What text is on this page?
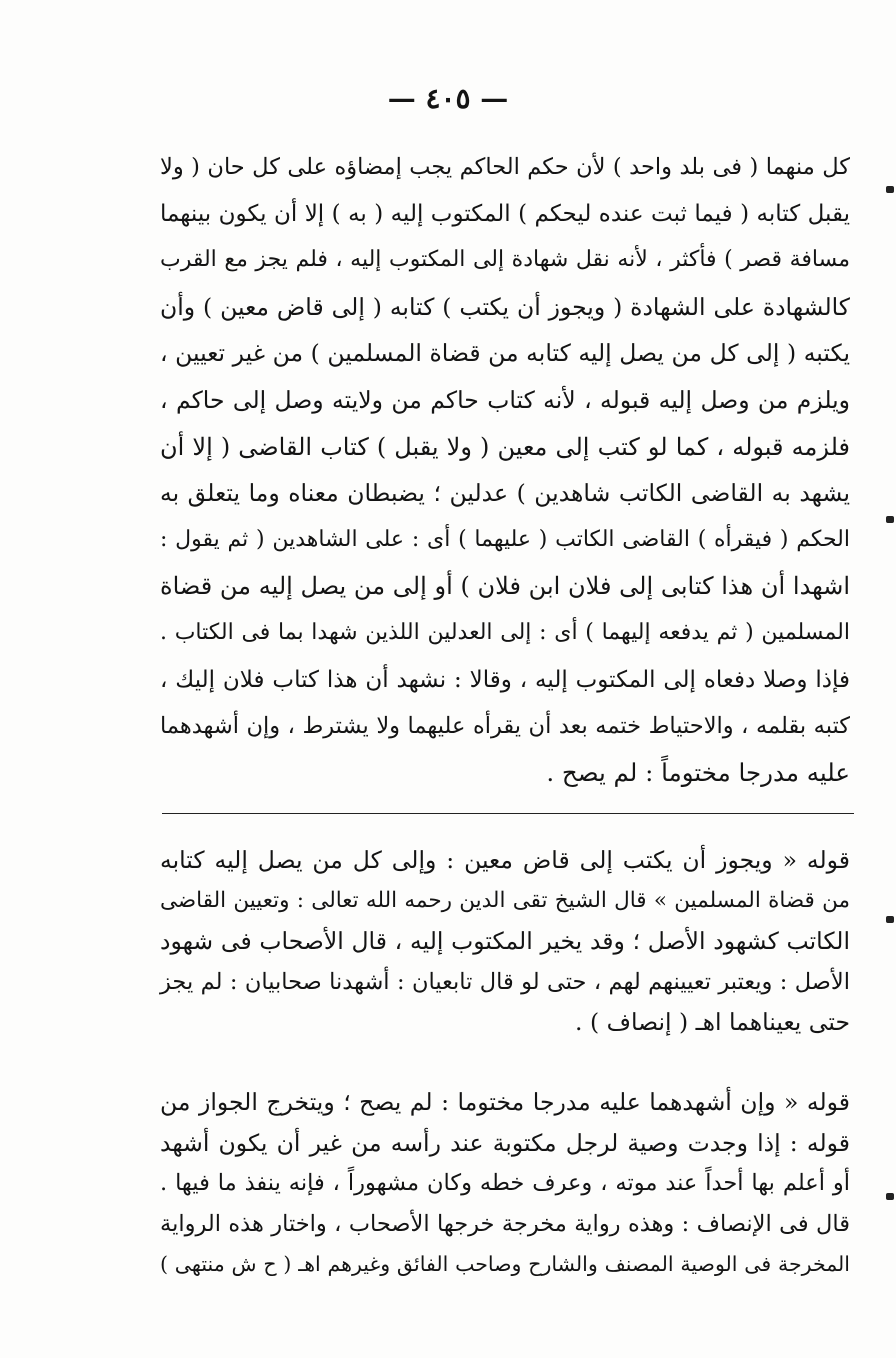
— ٤٠٥ —
كل منهما ( فى بلد واحد ) لأن حكم الحاكم يجب إمضاؤه على كل حان ( ولا
يقبل كتابه ( فيما ثبت عنده ليحكم ) المكتوب إليه ( به ) إلا أن يكون بينهما
مسافة قصر ) فأكثر ، لأنه نقل شهادة إلى المكتوب إليه ، فلم يجز مع القرب
كالشهادة على الشهادة ( ويجوز أن يكتب ) كتابه ( إلى قاض معين ) وأن
يكتبه ( إلى كل من يصل إليه كتابه من قضاة المسلمين ) من غير تعيين ،
ويلزم من وصل إليه قبوله ، لأنه كتاب حاكم من ولايته وصل إلى حاكم ،
فلزمه قبوله ، كما لو كتب إلى معين ( ولا يقبل ) كتاب القاضى ( إلا أن
يشهد به القاضى الكاتب شاهدين ) عدلين ؛ يضبطان معناه وما يتعلق به
الحكم ( فيقرأه ) القاضى الكاتب ( عليهما ) أى : على الشاهدين ( ثم يقول :
اشهدا أن هذا كتابى إلى فلان ابن فلان ) أو إلى من يصل إليه من قضاة
المسلمين ( ثم يدفعه إليهما ) أى : إلى العدلين اللذين شهدا بما فى الكتاب .
فإذا وصلا دفعاه إلى المكتوب إليه ، وقالا : نشهد أن هذا كتاب فلان إليك ،
كتبه بقلمه ، والاحتياط ختمه بعد أن يقرأه عليهما ولا يشترط ، وإن أشهدهما
عليه مدرجا مختوماً : لم يصح .
قوله « ويجوز أن يكتب إلى قاض معين : وإلى كل من يصل إليه كتابه
من قضاة المسلمين » قال الشيخ تقى الدين رحمه الله تعالى : وتعيين القاضى
الكاتب كشهود الأصل ؛ وقد يخير المكتوب إليه ، قال الأصحاب فى شهود
الأصل : ويعتبر تعيينهم لهم ، حتى لو قال تابعيان : أشهدنا صحابيان : لم يجز
حتى يعيناهما اهـ ( إنصاف ) .
قوله « وإن أشهدهما عليه مدرجا مختوما : لم يصح ؛ ويتخرج الجواز من
قوله : إذا وجدت وصية لرجل مكتوبة عند رأسه من غير أن يكون أشهد
أو أعلم بها أحداً عند موته ، وعرف خطه وكان مشهوراً ، فإنه ينفذ ما فيها .
قال فى الإنصاف : وهذه رواية مخرجة خرجها الأصحاب ، واختار هذه الرواية
المخرجة فى الوصية المصنف والشارح وصاحب الفائق وغيرهم اهـ ( ح ش منتهى )
